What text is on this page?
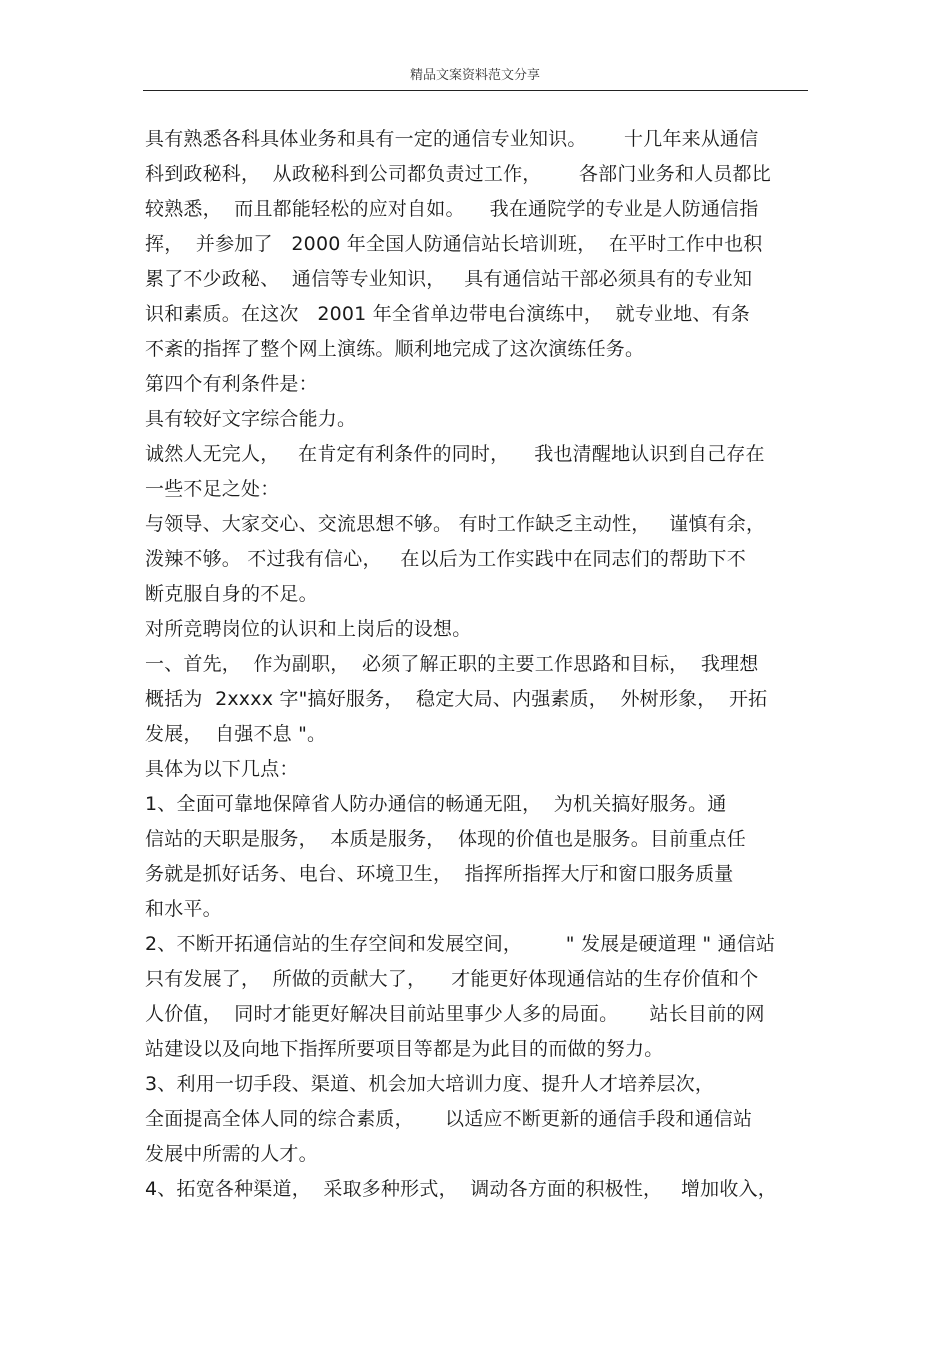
精品文案资料范文分享
具有熟悉各科具体业务和具有一定的通信专业知识。      十几年来从通信
科到政秘科，  从政秘科到公司都负责过工作，      各部门业务和人员都比
较熟悉，  而且都能轻松的应对自如。    我在通院学的专业是人防通信指
挥，  并参加了   2000 年全国人防通信站长培训班，  在平时工作中也积
累了不少政秘、  通信等专业知识，   具有通信站干部必须具有的专业知
识和素质。在这次   2001 年全省单边带电台演练中，  就专业地、有条
不紊的指挥了整个网上演练。顺利地完成了这次演练任务。
第四个有利条件是：
具有较好文字综合能力。
诚然人无完人，   在肯定有利条件的同时，    我也清醒地认识到自己存在
一些不足之处：
与领导、大家交心、交流思想不够。 有时工作缺乏主动性，   谨慎有余，
泼辣不够。 不过我有信心，   在以后为工作实践中在同志们的帮助下不
断克服自身的不足。
对所竞聘岗位的认识和上岗后的设想。
一、首先，  作为副职，  必须了解正职的主要工作思路和目标，  我理想
概括为  2xxxx 字"搞好服务，  稳定大局、内强素质，  外树形象，  开拓
发展，  自强不息 "。
具体为以下几点：
1、全面可靠地保障省人防办通信的畅通无阻，  为机关搞好服务。通
信站的天职是服务，  本质是服务，  体现的价值也是服务。目前重点任
务就是抓好话务、电台、环境卫生，  指挥所指挥大厅和窗口服务质量
和水平。
2、不断开拓通信站的生存空间和发展空间，       " 发展是硬道理 " 通信站
只有发展了，  所做的贡献大了，    才能更好体现通信站的生存价值和个
人价值，  同时才能更好解决目前站里事少人多的局面。     站长目前的网
站建设以及向地下指挥所要项目等都是为此目的而做的努力。
3、利用一切手段、渠道、机会加大培训力度、提升人才培养层次，
全面提高全体人同的综合素质，     以适应不断更新的通信手段和通信站
发展中所需的人才。
4、拓宽各种渠道，  采取多种形式，  调动各方面的积极性，   增加收入，
